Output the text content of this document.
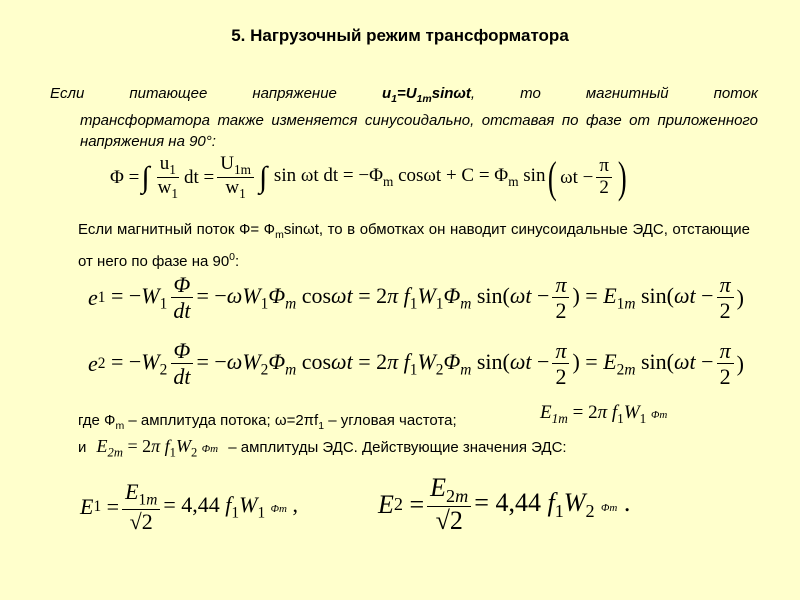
5. Нагрузочный режим трансформатора
Если питающее напряжение $u_1=U_{1m}\sin\omega t$, то магнитный поток
трансформатора также изменяется синусоидально, отставая по фазе от приложенного напряжения на 90°:
Φ = ∫ $\frac{u_1}{w_1}$ dt = $\frac{U_{1m}}{w_1}$ ∫ sin ωt dt = $-\Phi_m$ $\cos\omega t + C = \Phi_m$ sin ( $\omega t - \frac{\pi}{2}$ )
Если магнитный поток $Ф= Ф_m\sin\omega t$, то в обмотках он наводит синусоидальные ЭДС, отстающие от него по фазе на $90^0$:
e $1 = -W_1 \frac{\Phi}{dt} = -\omega W_1\Phi_m$ cosωt = 2π $f_1W_1\Phi_m$ $\sin(\omega t - \frac{\pi}{2}$ ) = $E_{1m}$ $\sin(\omega t - \frac{\pi}{2}$ )
e $2 = -W_2 \frac{\Phi}{dt} = -\omega W_2\Phi_m$ cosωt = 2π $f_1W_2\Phi_m$ $\sin(\omega t - \frac{\pi}{2}$ ) = $E_{2m}$ $\sin(\omega t - \frac{\pi}{2}$ )
где $Ф_m$ – амплитуда потока; $\omega=2\pi f_1$ – угловая частота;	$E_{1m} = 2\pi$ $f_1W_1$ Φm
и $E_{2m} = 2\pi$ $f_1W_2$ Φm – амплитуды ЭДС. Действующие значения ЭДС:
E $1 = \frac{E_{1m}}{√2} = 4,44$ $f_1W_1$ Φm ,	E $2 = \frac{E_{2m}}{√2} = 4,44$ $f_1W_2$ Φm .
